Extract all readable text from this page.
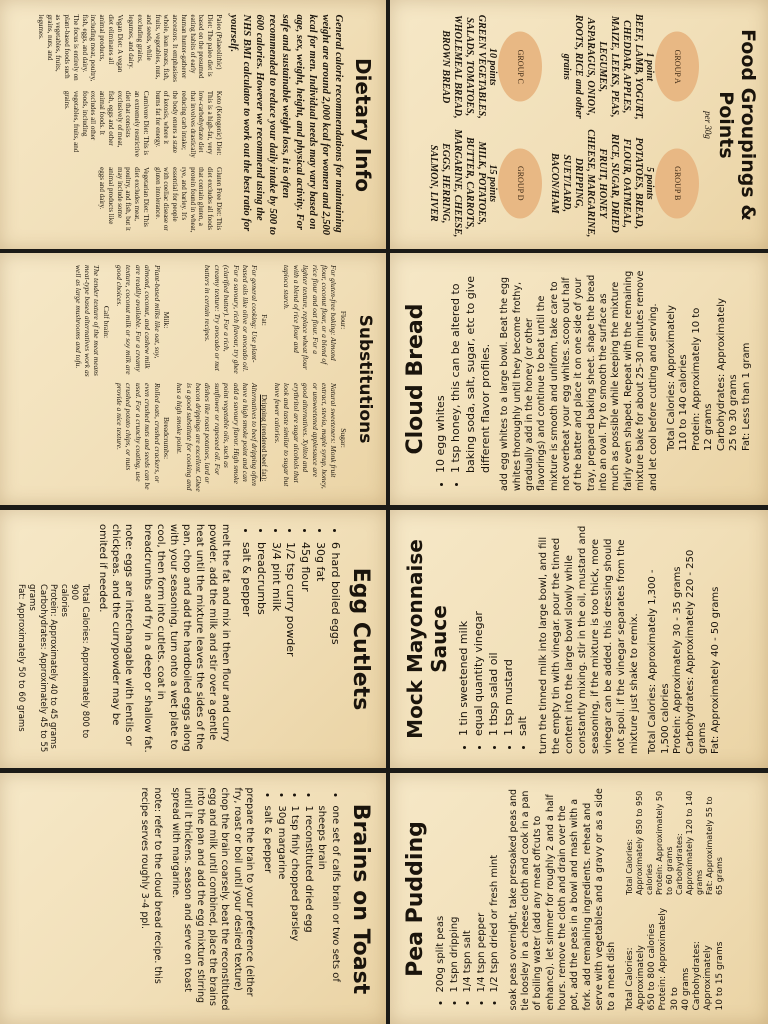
Dietary Info

General calorie recommendations for maintaining weight are around 2,000 kcal for women and 2,500 kcal for men. Individual needs may vary based on age, sex, weight, height, and physical activity. For safe and sustainable weight loss, it is often recommended to reduce your daily intake by 500 to 600 calories. However we recommend using the NHS BMI calculator to work out the best ratio for yourself.

Paleo (Palaeolithic) Diet: The paleo diet is based on the presumed eating habits of early human hunter-gatherer ancestors. It emphasises whole, lean meats, fish, fruits, vegetables, nuts, and seeds, while excluding grains, legumes, and dairy.

Vegan Diet: A vegan diet eliminates all animal products, including meat, poultry, fish, eggs, and dairy. The focus is entirely on plant-based foods such as vegetables, fruits, grains, nuts, and legumes.

Keto (Ketogenic) Diet: This is a high-fat, very low-carbohydrate diet that involves drastically reducing carb intake; the body enters a state of ketosis, where it burns fat for energy.

Carnivore Diet: This is an extremely restrictive diet that consists exclusively of meat, fish, eggs and other animal foods. It excludes all other foods, including vegetables, fruits, and grains.

Gluten Free Diet: This diet excludes all foods that contain gluten, a protein found in wheat, rye, and barley. It's essential for people with coeliac disease or gluten intolerance.

Vegetarian Diet: This diet excludes meat, poultry, and fish, but it may include some animal products like eggs and dairy.	Food Groupings & Points
per 30g
GROUP A
1 point
BEEF, LAMB, YOGURT, CHEDDAR, APPLES, MAIZE, LEEKS, PEAS, LEGUMES, ASPARAGUS, ONION, ROOTS, RICE and other grains
GROUP B
5 points
POTATOES, BREAD, FLOUR, OATMEAL, RICE, SUGAR, DRIED FRUIT, HONEY CHEESE, MARGARINE, DRIPPING, SUET/LARD, BACON/HAM
GROUP C
10 points
GREEN VEGETABLES, SALADS, TOMATOES, WHOLEMEAL BREAD, BROWN BREAD
GROUP D
15 points
MILK, POTATOES, BUTTER, CARROTS, MARGARINE, CHEESE, EGGS, HERRING, SALMON, LIVER
Substitutions
Flour:
For gluten-free baking: Almond flour, coconut flour, or a blend of rice flour and oat flour. For a lighter texture, replace wheat flour with a blend of rice flour and tapioca starch.
Sugar:
Natural sweeteners: Monk fruit extract, stevia, maple syrup, honey, or unsweetened applesauce are good alternatives. Xylitol and erythritol are sugar alcohols that look and taste similar to sugar but have fewer calories.
Fat:
For general cooking: Use plant-based oils like olive or avocado oil. For a savoury, rich flavour, try ghee (clarified butter). For a rich, creamy texture: Try avocado or nut butters in certain recipes.
Dripping (rendered beef fat):
Alternatives to beef dripping often have a high smoke point and can add a savoury flavor. High smoke point vegetable oils, such as sunflower or rapeseed oil. For dishes like roast potatoes, lard or bacon drippings are excellent. Ghee is a good substitute for cooking and has a high smoke point.
Milk:
Plant-based milks like oat, soy, almond, coconut, and cashew milk are readily available. For a creamy texture, coconut milk or soy milk are good choices.
Breadcrumbs:
Rolled oats, crushed crackers, or even crushed nuts and seeds can be used. For a crunchy coating, use crushed potato chips, or nuts provide a nice texture.
Calf brain:
The tender texture of the meat means meat-type based alternatives work as well as large mushrooms and tofu.	Cloud Bread • 10 egg whites • 1 tsp honey, this can be altered to baking soda, salt, sugar, etc to give different flavor profiles. add egg whites to a large bowl. Beat the egg whites thoroughly until they become frothy, gradually add in the honey (or other flavorings) and continue to beat until the mixture is smooth and uniform, take care to not overbeat your egg whites. scoop out half of the batter and place it on one side of your tray, prepared baking sheet. shape the bread into an oval. Try to smooth the surface as much as possible while keeping the mixture fairly even shaped. Repeat with the remaining mixture bake for about 25-30 minutes remove and let cool before cutting and serving. Total Calories: Approximately 110 to 140 calories Protein: Approximately 10 to 12 grams Carbohydrates: Approximately 25 to 30 grams Fat: Less than 1 gram
Egg Cutlets
• 6 hard boiled eggs
• 30g fat
• 45g flour
• 1/2 tsp curry powder
• 3/4 pint milk
• breadcrumbs
• salt & pepper

melt the fat and mix in then flour and curry powder. add the milk and stir over a gentle heat until the mixture leaves the sides of the pan, chop and add the hardboiled eggs along with your seasoning, turn onto a wet plate to cool, then form into cutlets. coat in breadcrumbs and fry in a deep or shallow fat.

note: eggs are interchangable with lentils or chickpeas. and the currypowder may be omited if needed.

Total Calories: Approximately 800 to 900
calories
Protein: Approximately 40 to 45 grams
Carbohydrates: Approximately 45 to 55
grams
Fat: Approximately 50 to 60 grams	Mock Mayonnaise Sauce • 1 tin sweetened milk • equal quantity vinegar • 1 tbsp salad oil • 1 tsp mustard • salt turn the tinned milk into large bowl, and fill the empty tin with vinegar. pour the tinned content into the large bowl slowly while constantly mixing. stir in the oil, mustard and seasoning, if the mixture is too thick, more vinegar can be added. this dressing should not spoil. if the vinegar separates from the mixture just shake to remix. Total Calories: Approximately 1,300 - 1,500 calories Protein: Approximately 30 - 35 grams Carbohydrates: Approximately 220 - 250 grams Fat: Approximately 40 - 50 grams
Brains on Toast
• one set of calfs brain or two sets of sheeps brain
• 1 reconstituted dried egg
• 1 tsp finly chopped parsley
• 30g margarine
• salt & pepper

prepare the brain to your preference (either fry, roast or boil until your desired texture) chop the brain coarsely. beat the reconstituted egg and milk until combined, place the brains into the pan and add the egg mixture stirring until it thickens. season and serve on toast spread with margarine.

note: refer to the cloud bread recipe. this recipe serves roughly 3-4 ppl.	Pea Pudding • 200g split peas • 1 tspn dripping • 1/4 tspn salt • 1/4 tspn pepper • 1/2 tspn dried or fresh mint soak peas overnight, take presoaked peas and tie loosley in a cheese cloth and cook in a pan of boiling water (add any meat offcuts to enhance). let simmer for roughly 2 and a half hours. remove the cloth and drain over the pot, add the peas in a bowl and mash with a fork. add remaining ingredients. reheat and serve with vegetables and a gravy or as a side to a meat dish Total Calories: Approximately 650 to 800 calories Protein: Approximately 30 to 40 grams Carbohydrates: Approximately 10 to 15 grams
Total Calories: Approximately 850 to 950 calories Protein: Approximately 50 to 60 grams Carbohydrates: Approximately 120 to 140 grams Fat: Approximately 55 to 65 grams
